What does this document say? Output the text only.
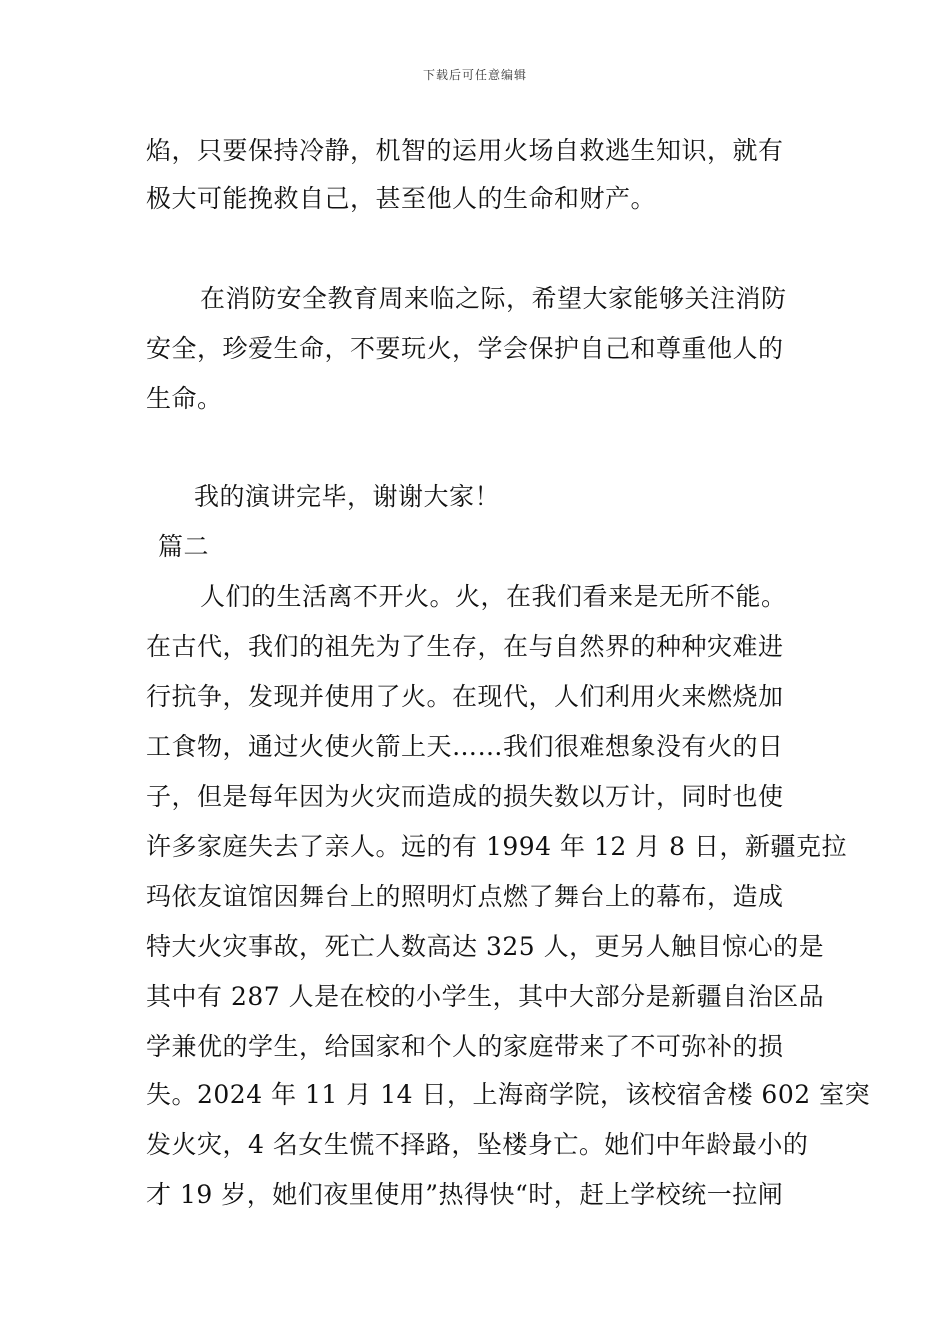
下载后可任意编辑
焰，只要保持冷静，机智的运用火场自救逃生知识，就有
极大可能挽救自己，甚至他人的生命和财产。
在消防安全教育周来临之际，希望大家能够关注消防
安全，珍爱生命，不要玩火，学会保护自己和尊重他人的
生命。
我的演讲完毕，谢谢大家！
篇二
人们的生活离不开火。火，在我们看来是无所不能。
在古代，我们的祖先为了生存，在与自然界的种种灾难进
行抗争，发现并使用了火。在现代，人们利用火来燃烧加
工食物，通过火使火箭上天……我们很难想象没有火的日
子，但是每年因为火灾而造成的损失数以万计，同时也使
许多家庭失去了亲人。远的有 1994 年 12 月 8 日，新疆克拉
玛依友谊馆因舞台上的照明灯点燃了舞台上的幕布，造成
特大火灾事故，死亡人数高达 325 人，更另人触目惊心的是
其中有 287 人是在校的小学生，其中大部分是新疆自治区品
学兼优的学生，给国家和个人的家庭带来了不可弥补的损
失。2024 年 11 月 14 日，上海商学院，该校宿舍楼 602 室突
发火灾，4 名女生慌不择路，坠楼身亡。她们中年龄最小的
才 19 岁，她们夜里使用”热得快“时，赶上学校统一拉闸
